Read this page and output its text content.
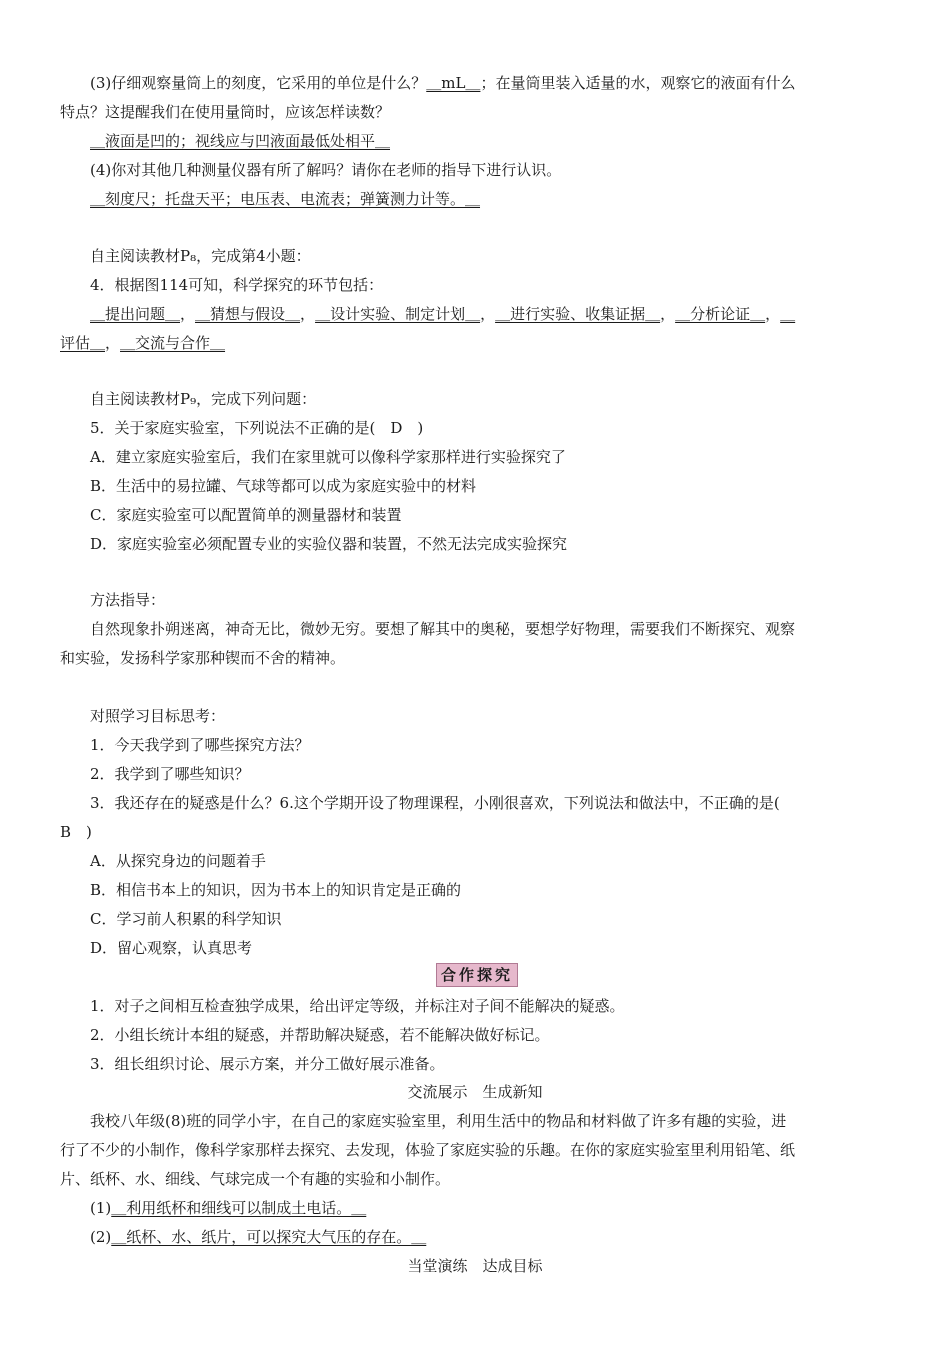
(3)仔细观察量筒上的刻度，它采用的单位是什么？＿mL＿；在量筒里装入适量的水，观察它的液面有什么
特点？这提醒我们在使用量筒时，应该怎样读数？
＿液面是凹的；视线应与凹液面最低处相平＿
(4)你对其他几种测量仪器有所了解吗？请你在老师的指导下进行认识。
＿刻度尺；托盘天平；电压表、电流表；弹簧测力计等。＿
自主阅读教材P₈，完成第4小题：
4．根据图114可知，科学探究的环节包括：
＿提出问题＿，＿猜想与假设＿，＿设计实验、制定计划＿，＿进行实验、收集证据＿，＿分析论证＿，＿
评估＿，＿交流与合作＿
自主阅读教材P₉，完成下列问题：
5．关于家庭实验室，下列说法不正确的是(　D　)
A．建立家庭实验室后，我们在家里就可以像科学家那样进行实验探究了
B．生活中的易拉罐、气球等都可以成为家庭实验中的材料
C．家庭实验室可以配置简单的测量器材和装置
D．家庭实验室必须配置专业的实验仪器和装置，不然无法完成实验探究
方法指导：
自然现象扑朔迷离，神奇无比，微妙无穷。要想了解其中的奥秘，要想学好物理，需要我们不断探究、观察
和实验，发扬科学家那种锲而不舍的精神。
对照学习目标思考：
1．今天我学到了哪些探究方法？
2．我学到了哪些知识？
3．我还存在的疑惑是什么？6.这个学期开设了物理课程，小刚很喜欢，下列说法和做法中，不正确的是(
B　)
A．从探究身边的问题着手
B．相信书本上的知识，因为书本上的知识肯定是正确的
C．学习前人积累的科学知识
D．留心观察，认真思考
合作探究
1．对子之间相互检查独学成果，给出评定等级，并标注对子间不能解决的疑惑。
2．小组长统计本组的疑惑，并帮助解决疑惑，若不能解决做好标记。
3．组长组织讨论、展示方案，并分工做好展示准备。
交流展示　生成新知
我校八年级(8)班的同学小宇，在自己的家庭实验室里，利用生活中的物品和材料做了许多有趣的实验，进
行了不少的小制作，像科学家那样去探究、去发现，体验了家庭实验的乐趣。在你的家庭实验室里利用铅笔、纸
片、纸杯、水、细线、气球完成一个有趣的实验和小制作。
(1)＿利用纸杯和细线可以制成土电话。＿
(2)＿纸杯、水、纸片，可以探究大气压的存在。＿
当堂演练　达成目标
